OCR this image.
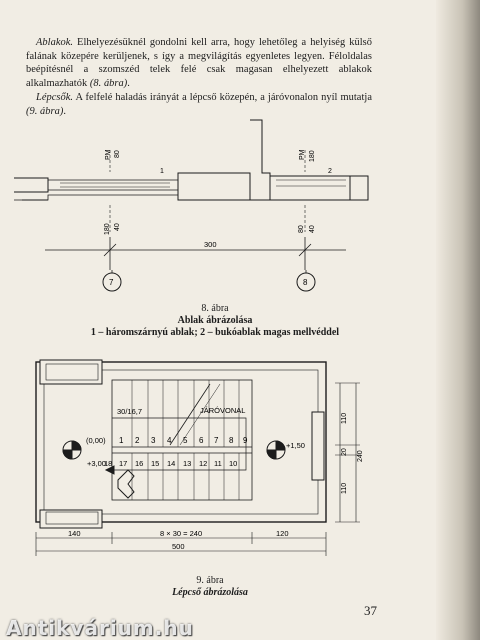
Ablakok. Elhelyezésüknél gondolni kell arra, hogy lehetőleg a helyiség külső falának közepére kerüljenek, s így a megvilágítás egyenletes legyen. Féloldalas beépítésnél a szomszéd telek felé csak magasan elhelyezett ablakok alkalmazhatók (8. ábra).

Lépcsők. A felfelé haladás irányát a lépcső közepén, a járóvonalon nyíl mutatja (9. ábra).

PM 80	PM 180
1	2
180 40	80 40
300
7	8
8. ábra
Ablak ábrázolása
1 – háromszárnyú ablak; 2 – bukóablak magas mellvéddel
30/16,7	JÁRÓVONAL
(0,00)
+3,00
+1,50
1 2 3 4 5 6 7 8 9
18 17 16 15 14 13 12 11 10
110
20 240
110
140	8 × 30 = 240	120
500
9. ábra
Lépcső ábrázolása
37
Antikvárium.hu
